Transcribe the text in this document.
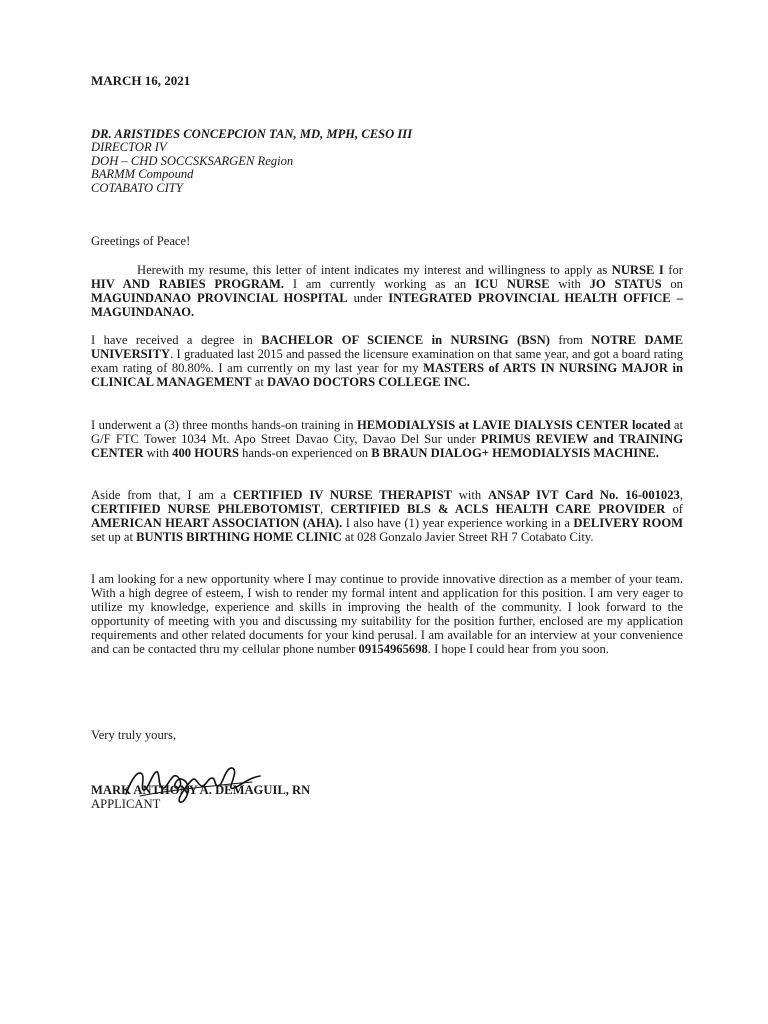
MARCH 16, 2021
DR. ARISTIDES CONCEPCION TAN, MD, MPH, CESO III
DIRECTOR IV
DOH – CHD SOCCSKSARGEN Region
BARMM Compound
COTABATO CITY
Greetings of Peace!
Herewith my resume, this letter of intent indicates my interest and willingness to apply as NURSE I for HIV AND RABIES PROGRAM. I am currently working as an ICU NURSE with JO STATUS on MAGUINDANAO PROVINCIAL HOSPITAL under INTEGRATED PROVINCIAL HEALTH OFFICE – MAGUINDANAO.
I have received a degree in BACHELOR OF SCIENCE in NURSING (BSN) from NOTRE DAME UNIVERSITY. I graduated last 2015 and passed the licensure examination on that same year, and got a board rating exam rating of 80.80%. I am currently on my last year for my MASTERS of ARTS IN NURSING MAJOR in CLINICAL MANAGEMENT at DAVAO DOCTORS COLLEGE INC.
I underwent a (3) three months hands-on training in HEMODIALYSIS at LAVIE DIALYSIS CENTER located at G/F FTC Tower 1034 Mt. Apo Street Davao City, Davao Del Sur under PRIMUS REVIEW and TRAINING CENTER with 400 HOURS hands-on experienced on B BRAUN DIALOG+ HEMODIALYSIS MACHINE.
Aside from that, I am a CERTIFIED IV NURSE THERAPIST with ANSAP IVT Card No. 16-001023, CERTIFIED NURSE PHLEBOTOMIST, CERTIFIED BLS & ACLS HEALTH CARE PROVIDER of AMERICAN HEART ASSOCIATION (AHA). I also have (1) year experience working in a DELIVERY ROOM set up at BUNTIS BIRTHING HOME CLINIC at 028 Gonzalo Javier Street RH 7 Cotabato City.
I am looking for a new opportunity where I may continue to provide innovative direction as a member of your team. With a high degree of esteem, I wish to render my formal intent and application for this position. I am very eager to utilize my knowledge, experience and skills in improving the health of the community. I look forward to the opportunity of meeting with you and discussing my suitability for the position further, enclosed are my application requirements and other related documents for your kind perusal. I am available for an interview at your convenience and can be contacted thru my cellular phone number 09154965698. I hope I could hear from you soon.
Very truly yours,
MARK ANTHONY A. DEMAGUIL, RN
APPLICANT
